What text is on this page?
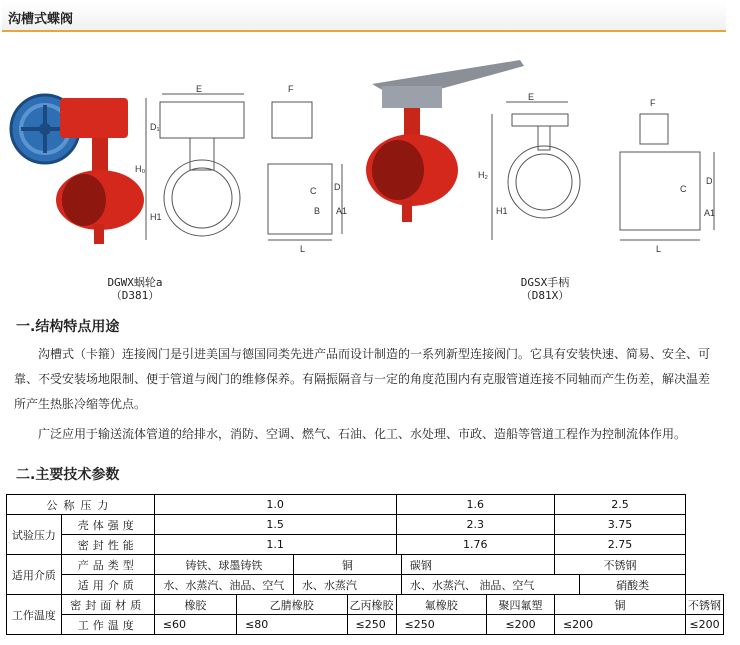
沟槽式蝶阀
E
D₁
H₀
H1
F
C D
L
B A1
E
H₂
H1
F
C
D
L
A1
DGWX蜗轮a
（D381）
DGSX手柄
（D81X）
一.结构特点用途
沟槽式（卡箍）连接阀门是引进美国与德国同类先进产品而设计制造的一系列新型连接阀门。它具有安装快速、简易、安全、可靠、不受安装场地限制、便于管道与阀门的维修保养。有隔振隔音与一定的角度范围内有克服管道连接不同轴而产生伤差，解决温差所产生热胀冷缩等优点。
广泛应用于输送流体管道的给排水，消防、空调、燃气、石油、化工、水处理、市政、造船等管道工程作为控制流体作用。
二.主要技术参数
公称压力		1.0				1.6			2.5		
试验压力	壳体强度	1.5				2.3			3.75		
	密封性能	1.1				1.76			2.75		
适用介质	产品类型	铸铁、球墨铸铁		铜			碳钢		不锈钢		
	适用介质	水、水蒸汽、油品、空气		水、水蒸汽			水、水蒸汽、 油品、空气			硝酸类	
工作温度	密封面材质	橡胶	乙腈橡胶		乙丙橡胶	氟橡胶		聚四氟塑	铜		不锈钢
	工作温度	≤60	≤80		≤250	≤250		≤200	≤200		≤200
